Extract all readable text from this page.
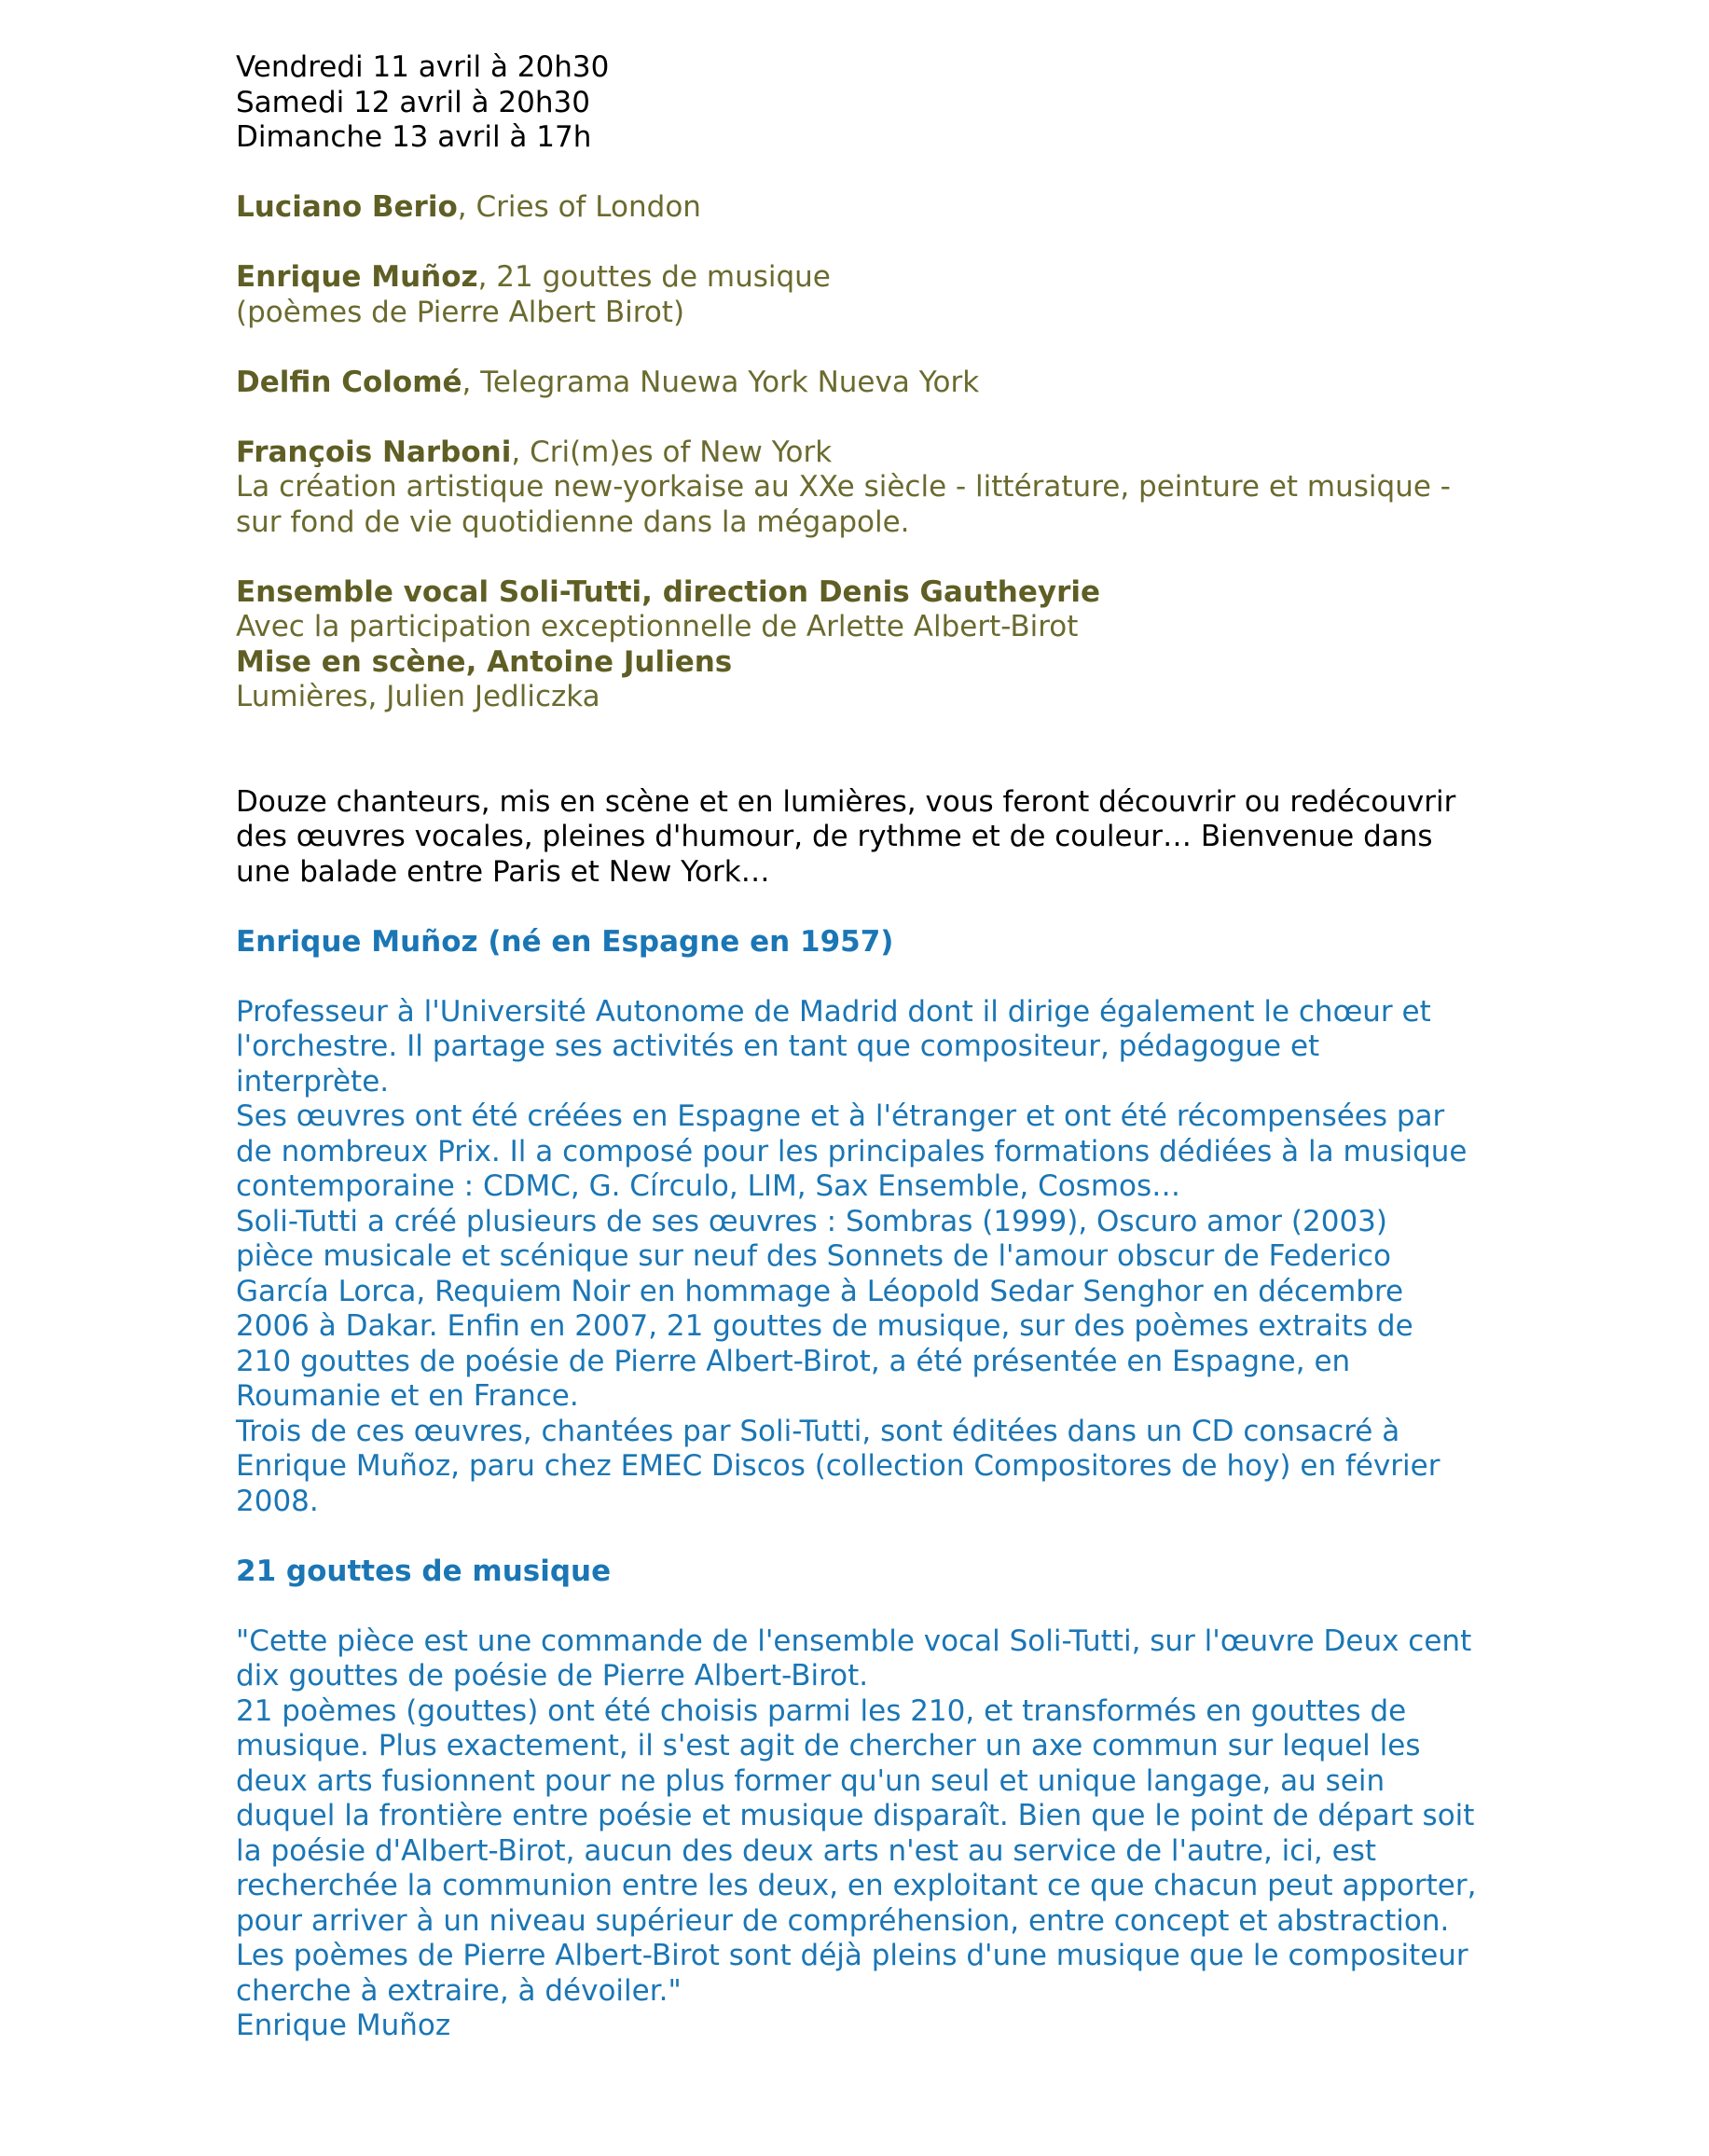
Vendredi 11 avril à 20h30
Samedi 12 avril à 20h30
Dimanche 13 avril à 17h
Luciano Berio, Cries of London
Enrique Muñoz, 21 gouttes de musique
(poèmes de Pierre Albert Birot)
Delfin Colomé, Telegrama Nuewa York Nueva York
François Narboni, Cri(m)es of New York
La création artistique new-yorkaise au XXe siècle - littérature, peinture et musique -
sur fond de vie quotidienne dans la mégapole.
Ensemble vocal Soli-Tutti, direction Denis Gautheyrie
Avec la participation exceptionnelle de Arlette Albert-Birot
Mise en scène, Antoine Juliens
Lumières, Julien Jedliczka
Douze chanteurs, mis en scène et en lumières, vous feront découvrir ou redécouvrir
des œuvres vocales, pleines d'humour, de rythme et de couleur… Bienvenue dans
une balade entre Paris et New York…
Enrique Muñoz (né en Espagne en 1957)
Professeur à l'Université Autonome de Madrid dont il dirige également le chœur et
l'orchestre. Il partage ses activités en tant que compositeur, pédagogue et
interprète.
Ses œuvres ont été créées en Espagne et à l'étranger et ont été récompensées par
de nombreux Prix. Il a composé pour les principales formations dédiées à la musique
contemporaine : CDMC, G. Círculo, LIM, Sax Ensemble, Cosmos…
Soli-Tutti a créé plusieurs de ses œuvres : Sombras (1999), Oscuro amor (2003)
pièce musicale et scénique sur neuf des Sonnets de l'amour obscur de Federico
García Lorca, Requiem Noir en hommage à Léopold Sedar Senghor en décembre
2006 à Dakar. Enfin en 2007, 21 gouttes de musique, sur des poèmes extraits de
210 gouttes de poésie de Pierre Albert-Birot, a été présentée en Espagne, en
Roumanie et en France.
Trois de ces œuvres, chantées par Soli-Tutti, sont éditées dans un CD consacré à
Enrique Muñoz, paru chez EMEC Discos (collection Compositores de hoy) en février
2008.
21 gouttes de musique
"Cette pièce est une commande de l'ensemble vocal Soli-Tutti, sur l'œuvre Deux cent
dix gouttes de poésie de Pierre Albert-Birot.
21 poèmes (gouttes) ont été choisis parmi les 210, et transformés en gouttes de
musique. Plus exactement, il s'est agit de chercher un axe commun sur lequel les
deux arts fusionnent pour ne plus former qu'un seul et unique langage, au sein
duquel la frontière entre poésie et musique disparaît. Bien que le point de départ soit
la poésie d'Albert-Birot, aucun des deux arts n'est au service de l'autre, ici, est
recherchée la communion entre les deux, en exploitant ce que chacun peut apporter,
pour arriver à un niveau supérieur de compréhension, entre concept et abstraction.
Les poèmes de Pierre Albert-Birot sont déjà pleins d'une musique que le compositeur
cherche à extraire, à dévoiler."
Enrique Muñoz
